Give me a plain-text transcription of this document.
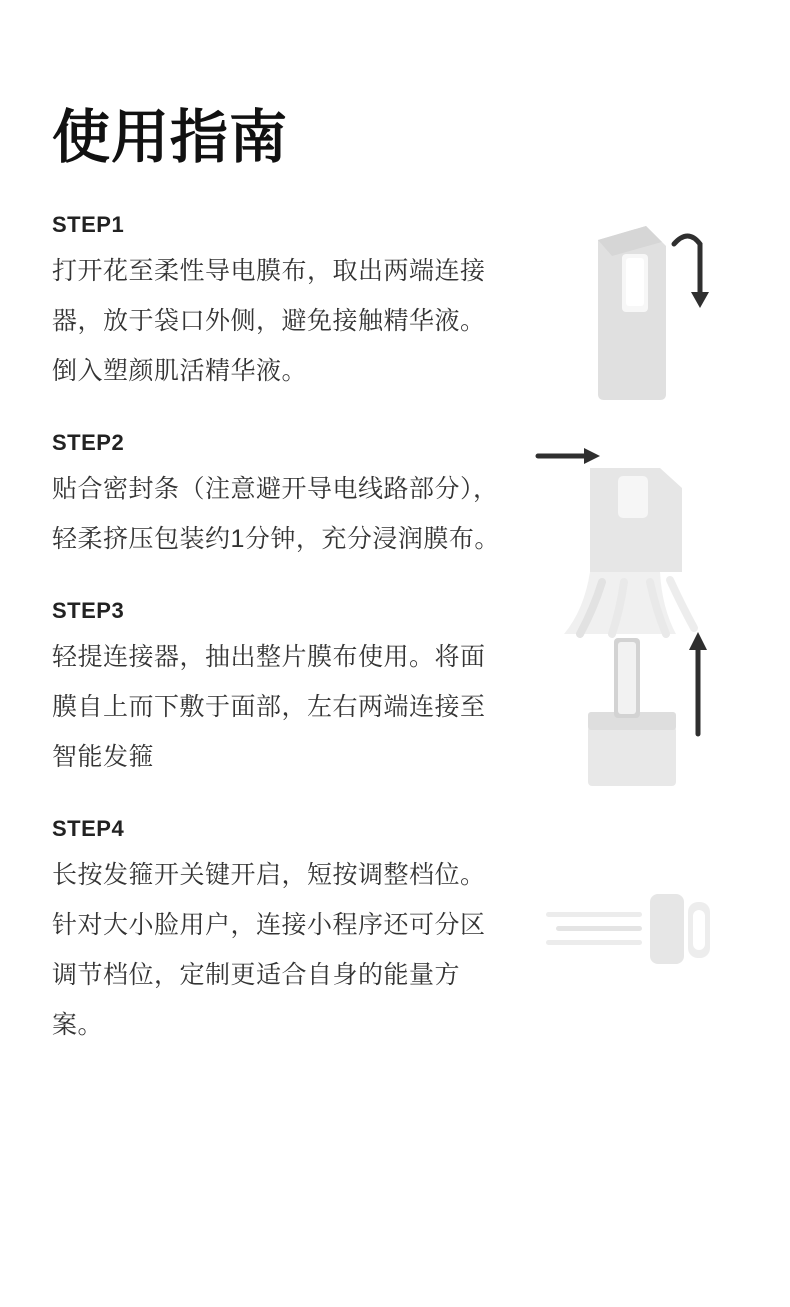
使用指南
STEP1
打开花至柔性导电膜布，取出两端连接器，放于袋口外侧，避免接触精华液。倒入塑颜肌活精华液。
STEP2
贴合密封条（注意避开导电线路部分），轻柔挤压包装约1分钟，充分浸润膜布。
STEP3
轻提连接器，抽出整片膜布使用。将面膜自上而下敷于面部，左右两端连接至智能发箍
STEP4
长按发箍开关键开启，短按调整档位。针对大小脸用户，连接小程序还可分区调节档位，定制更适合自身的能量方案。
